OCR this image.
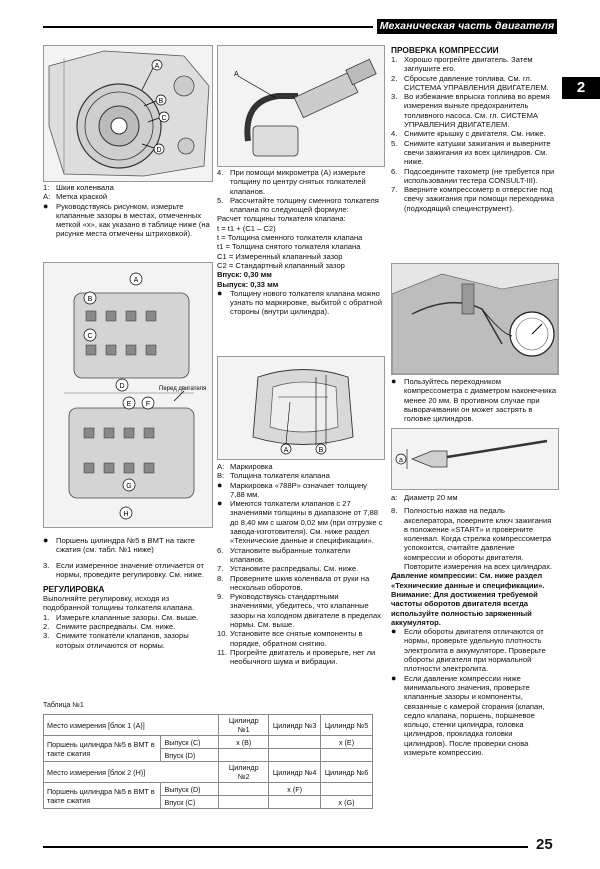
Механическая часть двигателя
2
A
B
C
D
1: Шкив коленвала
A: Метка краской
● Руководствуясь рисунком, измерьте клапанные зазоры в местах, отмеченных меткой «x», как указано в таблице ниже (на рисунке места отмечены штриховкой).
Перед двигателя
A
B
C
D
E F
G
H
● Поршень цилиндра №5 в ВМТ на такте сжатия (см. табл. №1 ниже)
3. Если измеренное значение отличается от нормы, проведите регулировку. См. ниже.

РЕГУЛИРОВКА

Выполняйте регулировку, исходя из подобранной толщины толкателя клапана.

1. Измерьте клапанные зазоры. См. выше.
2. Снимите распредвалы. См. ниже.
3. Снимите толкатели клапанов, зазоры которых отличаются от нормы.
A
4. При помощи микрометра (А) измерьте толщину по центру снятых толкателей клапанов.
5. Рассчитайте толщину сменного толкателя клапана по следующей формуле:

Расчет толщины толкателя клапана:

t = t1 + (C1 – C2)

t = Толщина сменного толкателя клапана

t1 = Толщина снятого толкателя клапана

C1 = Измеренный клапанный зазор

C2 = Стандартный клапанный зазор

Впуск: 0,30 мм

Выпуск: 0,33 мм

● Толщину нового толкателя клапана можно узнать по маркировке, выбитой с обратной стороны (внутри цилиндра).
A	B
A: Маркировка
B: Толщина толкателя клапана
● Маркировка «788P» означает толщину 7,88 мм.
● Имеются толкатели клапанов с 27 значениями толщины в диапазоне от 7,88 до 8,40 мм с шагом 0,02 мм (при отгрузке с завода-изготовителя). См. ниже раздел «Технические данные и спецификации».
6. Установите выбранные толкатели клапанов.
7. Установите распредвалы. См. ниже.
8. Проверните шкив коленвала от руки на несколько оборотов.
9. Руководствуясь стандартными значениями, убедитесь, что клапанные зазоры на холодном двигателе в пределах нормы. См. выше.
10. Установите все снятые компоненты в порядке, обратном снятию.
11. Прогрейте двигатель и проверьте, нет ли необычного шума и вибрации.

ПРОВЕРКА КОМПРЕССИИ

1. Хорошо прогрейте двигатель. Затем заглушите его.
2. Сбросьте давление топлива. См. гл. СИСТЕМА УПРАВЛЕНИЯ ДВИГАТЕЛЕМ.
3. Во избежание впрыска топлива во время измерения выньте предохранитель топливного насоса. См. гл. СИСТЕМА УПРАВЛЕНИЯ ДВИГАТЕЛЕМ.
4. Снимите крышку с двигателя. См. ниже.
5. Снимите катушки зажигания и выверните свечи зажигания из всех цилиндров. См. ниже.
6. Подсоедините тахометр (не требуется при использовании тестера CONSULT-III).
7. Вверните компрессометр в отверстие под свечу зажигания при помощи переходника (подходящий специнструмент).
● Пользуйтесь переходником компрессометра с диаметром наконечника менее 20 мм. В противном случае при выворачивании он может застрять в головке цилиндров.
a
a: Диаметр 20 мм
8. Полностью нажав на педаль акселератора, поверните ключ зажигания в положение «START» и проверните коленвал. Когда стрелка компрессометра успокоится, считайте давление компрессии и обороты двигателя. Повторите измерения на всех цилиндрах.

Давление компрессии: См. ниже раздел «Технические данные и спецификации».

Внимание: Для достижения требуемой частоты оборотов двигателя всегда используйте полностью заряженный аккумулятор.

● Если обороты двигателя отличаются от нормы, проверьте удельную плотность электролита в аккумуляторе. Проверьте обороты двигателя при нормальной плотности электролита.
● Если давление компрессии ниже минимального значения, проверьте клапанные зазоры и компоненты, связанные с камерой сгорания (клапан, седло клапана, поршень, поршневое кольцо, стенки цилиндра, головка цилиндров, прокладка головки цилиндров). После проверки снова измерьте компрессию.
Таблица №1
Место измерения [блок 1 (A)]		Цилиндр №1	Цилиндр №3	Цилиндр №5
Поршень цилиндра №5 в ВМТ в такте сжатия	Выпуск (C)	x (B)		x (E)
	Впуск (D)			
Место измерения [блок 2 (H)]		Цилиндр №2	Цилиндр №4	Цилиндр №6
Поршень цилиндра №5 в ВМТ в такте сжатия	Выпуск (D)		x (F)	
	Впуск (C)			x (G)
25
